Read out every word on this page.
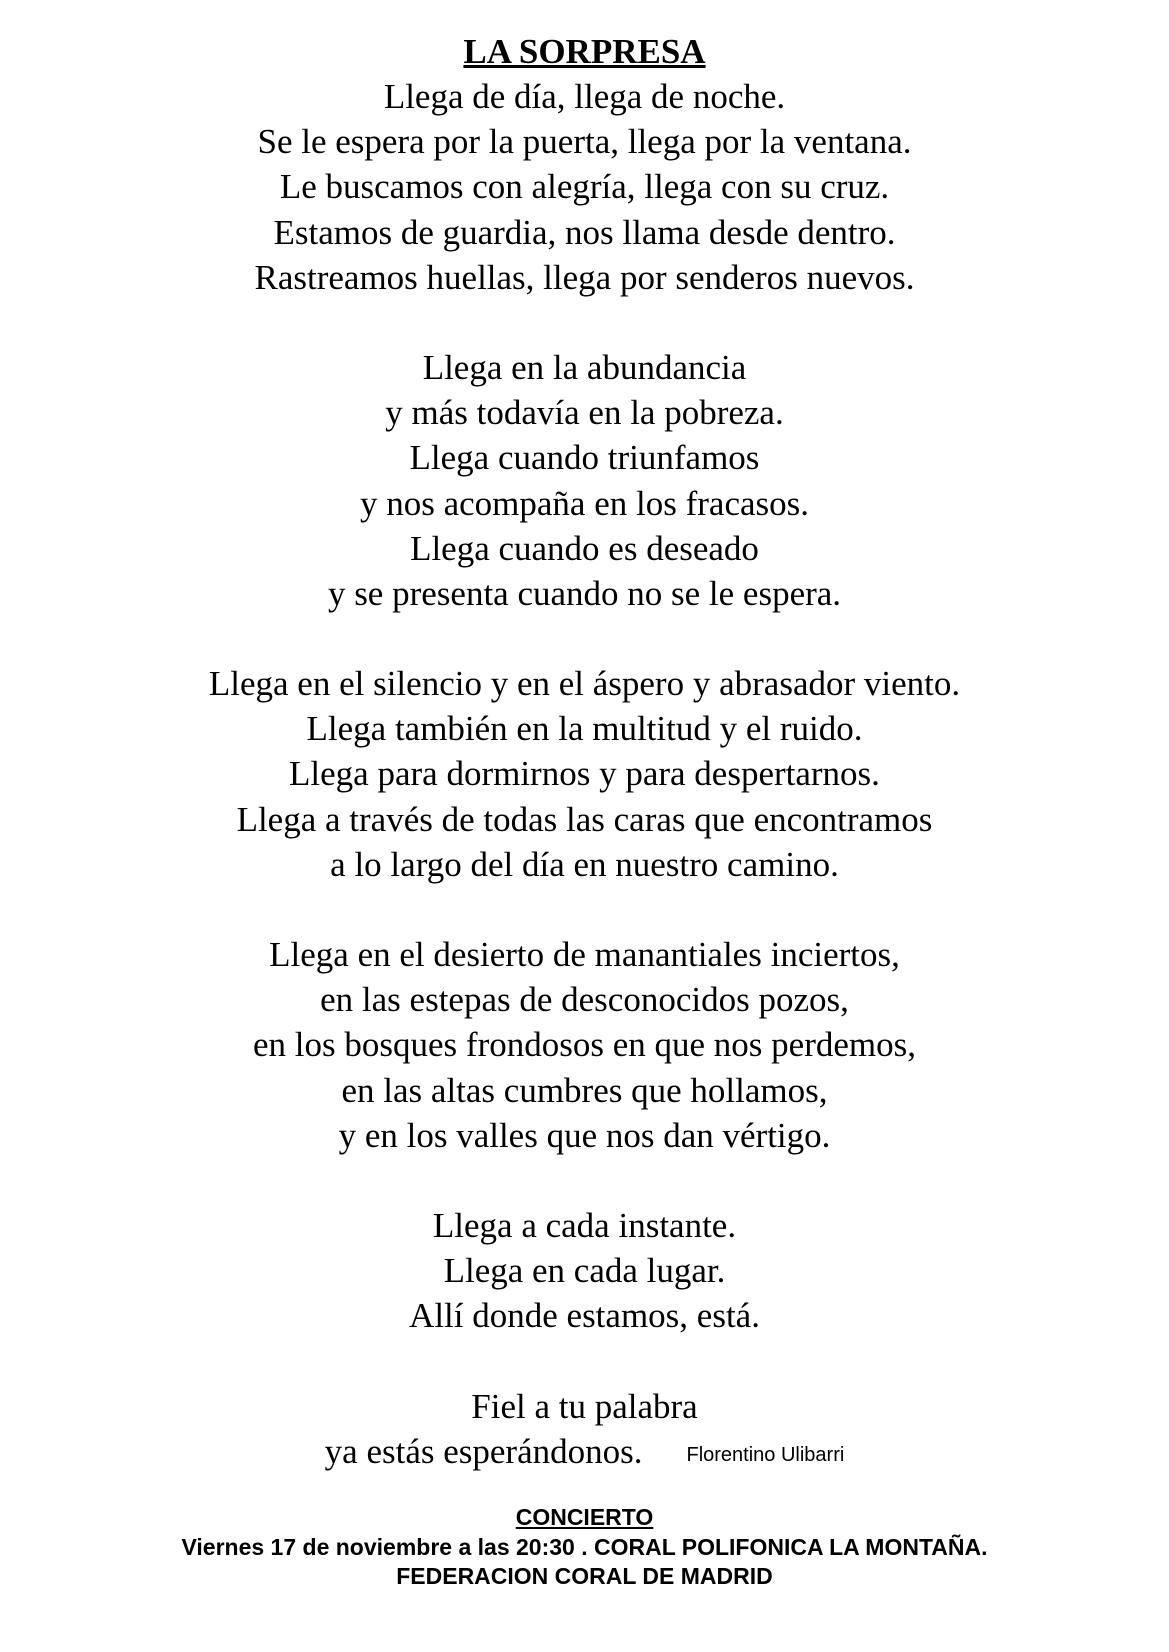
LA SORPRESA
Llega de día, llega de noche.
Se le espera por la puerta, llega por la ventana.
Le buscamos con alegría, llega con su cruz.
Estamos de guardia, nos llama desde dentro.
Rastreamos huellas, llega por senderos nuevos.
Llega en la abundancia
y más todavía en la pobreza.
Llega cuando triunfamos
y nos acompaña en los fracasos.
Llega cuando es deseado
y se presenta cuando no se le espera.
Llega en el silencio y en el áspero y abrasador viento.
Llega también en la multitud y el ruido.
Llega para dormirnos y para despertarnos.
Llega a través de todas las caras que encontramos
a lo largo del día en nuestro camino.
Llega en el desierto de manantiales inciertos,
en las estepas de desconocidos pozos,
en los bosques frondosos en que nos perdemos,
en las altas cumbres que hollamos,
y en los valles que nos dan vértigo.
Llega a cada instante.
Llega en cada lugar.
Allí donde estamos, está.
Fiel a tu palabra
ya estás esperándonos. Florentino Ulibarri
CONCIERTO
Viernes 17 de noviembre a las 20:30 . CORAL POLIFONICA LA MONTAÑA.
FEDERACION CORAL DE MADRID
